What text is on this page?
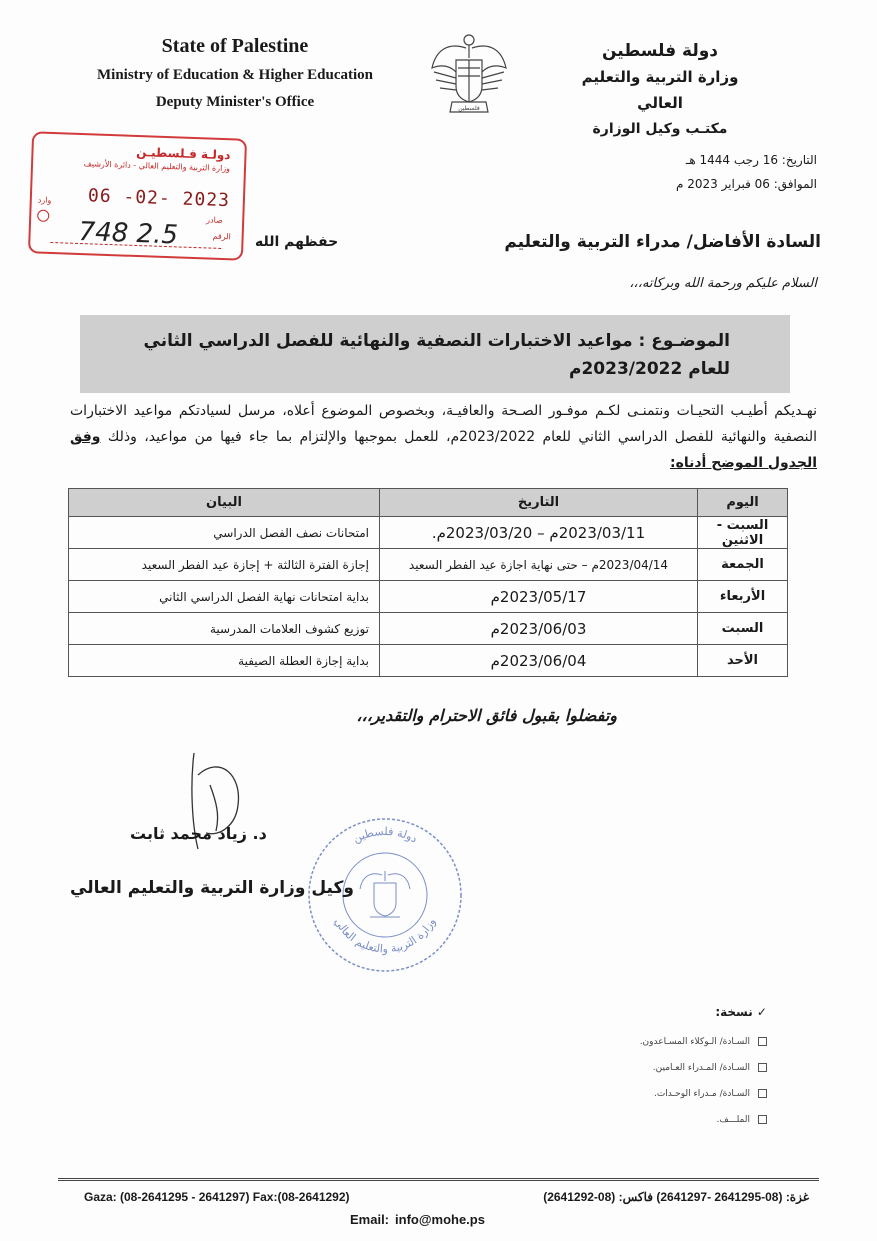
State of Palestine
Ministry of Education & Higher Education
Deputy Minister's Office	فلسطين
دولة فلسطين
وزارة التربية والتعليم العالي
مكتـب وكيل الوزارة
دولـة فـلسطيـن
وزارة التربية والتعليم العالي - دائرة الأرشيف
06 -02- 2023
وارد
748 2.5	صادر
الرقم
التاريخ: 16 رجب 1444 هـ
الموافق: 06 فبراير 2023 م
السادة الأفاضل/ مدراء التربية والتعليم
حفظهم الله
السلام عليكم ورحمة الله وبركاته،،،
الموضـوع : مواعيد الاختبارات النصفية والنهائية للفصل الدراسي الثاني
للعام 2023/2022م
نهـديكم أطيـب التحيـات ونتمنـى لكـم موفـور الصـحة والعافيـة، وبخصوص الموضوع أعلاه، مرسل لسيادتكم مواعيد الاختبارات النصفية والنهائية للفصل الدراسي الثاني للعام 2023/2022م، للعمل بموجبها والإلتزام بما جاء فيها من مواعيد، وذلك وفق الجدول الموضح أدناه:
اليوم	التاريخ	البيان
السبت - الاثنين	2023/03/11م – 2023/03/20م.	امتحانات نصف الفصل الدراسي
الجمعة	2023/04/14م – حتى نهاية اجازة عيد الفطر السعيد	إجازة الفترة الثالثة + إجازة عيد الفطر السعيد
الأربعاء	2023/05/17م	بداية امتحانات نهاية الفصل الدراسي الثاني
السبت	2023/06/03م	توزيع كشوف العلامات المدرسية
الأحد	2023/06/04م	بداية إجازة العطلة الصيفية
وتفضلوا بقبول فائق الاحترام والتقدير،،،
دولة فلسطين
وزارة التربية والتعليم العالي
د. زياد محمد ثابت
وكيل وزارة التربية والتعليم العالي
✓ نسخة:
السـادة/ الـوكلاء المسـاعدون.
السـادة/ المـدراء العـامين.
السـادة/ مـدراء الوحـدات.
الملـــف.
Gaza: (08-2641295 - 2641297) Fax:(08-2641292)	غزة: (08-2641295 -2641297) فاكس: (08-2641292)
Email: info@mohe.ps
